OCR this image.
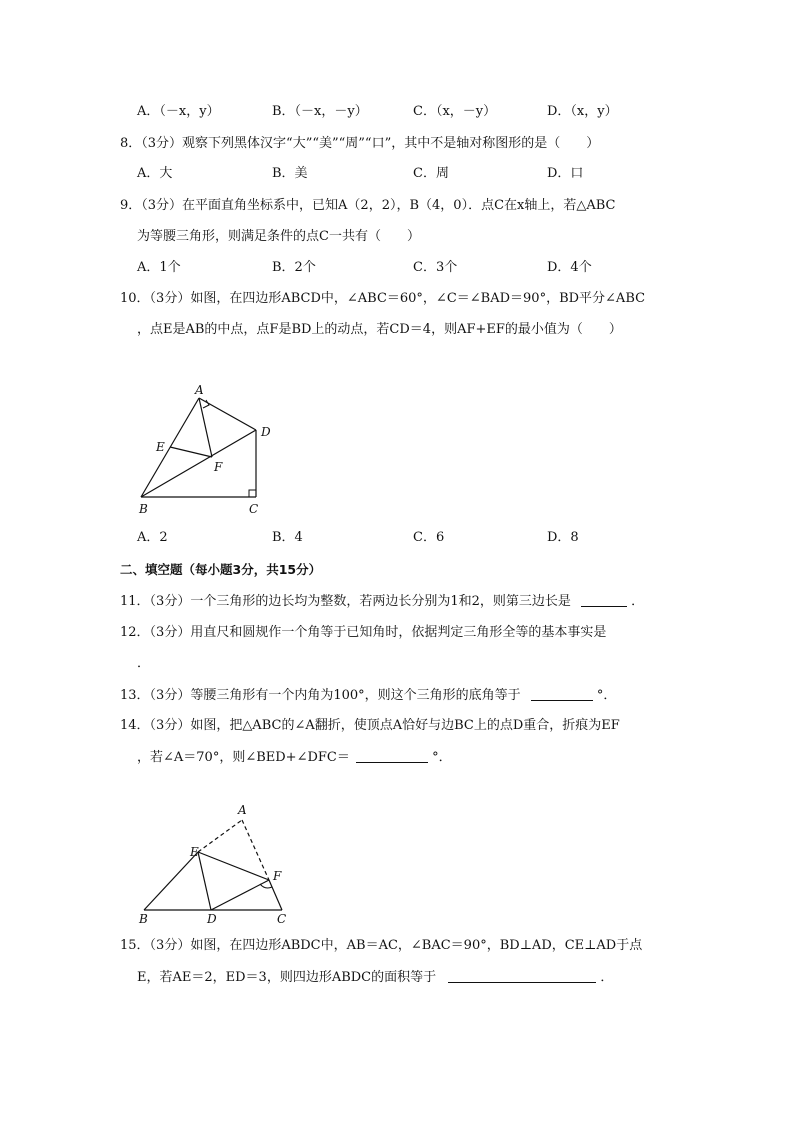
A．（－x，y）	B．（－x，－y）	C．（x，－y）	D．（x，y）
8．（3分）观察下列黑体汉字“大”“美”“周”“口”，其中不是轴对称图形的是（　　）
A．大	B．美	C．周	D．口
9．（3分）在平面直角坐标系中，已知A（2，2），B（4，0）．点C在x轴上，若△ABC
为等腰三角形，则满足条件的点C一共有（　　）
A．1个	B．2个	C．3个	D．4个
10．（3分）如图，在四边形ABCD中，∠ABC＝60°，∠C＝∠BAD＝90°，BD平分∠ABC
，点E是AB的中点，点F是BD上的动点，若CD＝4，则AF+EF的最小值为（　　）
A
B	C
D
E
F
A．2	B．4	C．6	D．8
二、填空题（每小题3分，共15分）
11．（3分）一个三角形的边长均为整数，若两边长分别为1和2，则第三边长是	．
12．（3分）用直尺和圆规作一个角等于已知角时，依据判定三角形全等的基本事实是
．
13．（3分）等腰三角形有一个内角为100°，则这个三角形的底角等于	°．
14．（3分）如图，把△ABC的∠A翻折，使顶点A恰好与边BC上的点D重合，折痕为EF
，若∠A＝70°，则∠BED+∠DFC＝	°．
A
B	C
D
E
F
15．（3分）如图，在四边形ABDC中，AB＝AC，∠BAC＝90°，BD⊥AD，CE⊥AD于点
E，若AE＝2，ED＝3，则四边形ABDC的面积等于	．
